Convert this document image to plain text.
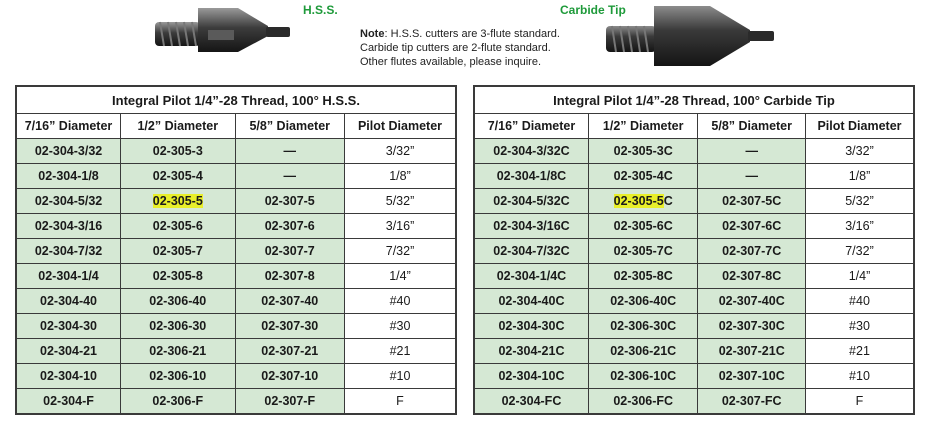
H.S.S.	Carbide Tip
Note: H.S.S. cutters are 3-flute standard.
Carbide tip cutters are 2-flute standard.
Other flutes available, please inquire.
Integral Pilot 1/4”-28 Thread, 100° H.S.S.			
7/16” Diameter	1/2” Diameter	5/8” Diameter	Pilot Diameter
02-304-3/32	02-305-3	—	3/32”
02-304-1/8	02-305-4	—	1/8”
02-304-5/32	02-305-5	02-307-5	5/32”
02-304-3/16	02-305-6	02-307-6	3/16”
02-304-7/32	02-305-7	02-307-7	7/32”
02-304-1/4	02-305-8	02-307-8	1/4”
02-304-40	02-306-40	02-307-40	#40
02-304-30	02-306-30	02-307-30	#30
02-304-21	02-306-21	02-307-21	#21
02-304-10	02-306-10	02-307-10	#10
02-304-F	02-306-F	02-307-F	F
Integral Pilot 1/4”-28 Thread, 100° Carbide Tip			
7/16” Diameter	1/2” Diameter	5/8” Diameter	Pilot Diameter
02-304-3/32C	02-305-3C	—	3/32”
02-304-1/8C	02-305-4C	—	1/8”
02-304-5/32C	02-305-5C	02-307-5C	5/32”
02-304-3/16C	02-305-6C	02-307-6C	3/16”
02-304-7/32C	02-305-7C	02-307-7C	7/32”
02-304-1/4C	02-305-8C	02-307-8C	1/4”
02-304-40C	02-306-40C	02-307-40C	#40
02-304-30C	02-306-30C	02-307-30C	#30
02-304-21C	02-306-21C	02-307-21C	#21
02-304-10C	02-306-10C	02-307-10C	#10
02-304-FC	02-306-FC	02-307-FC	F
